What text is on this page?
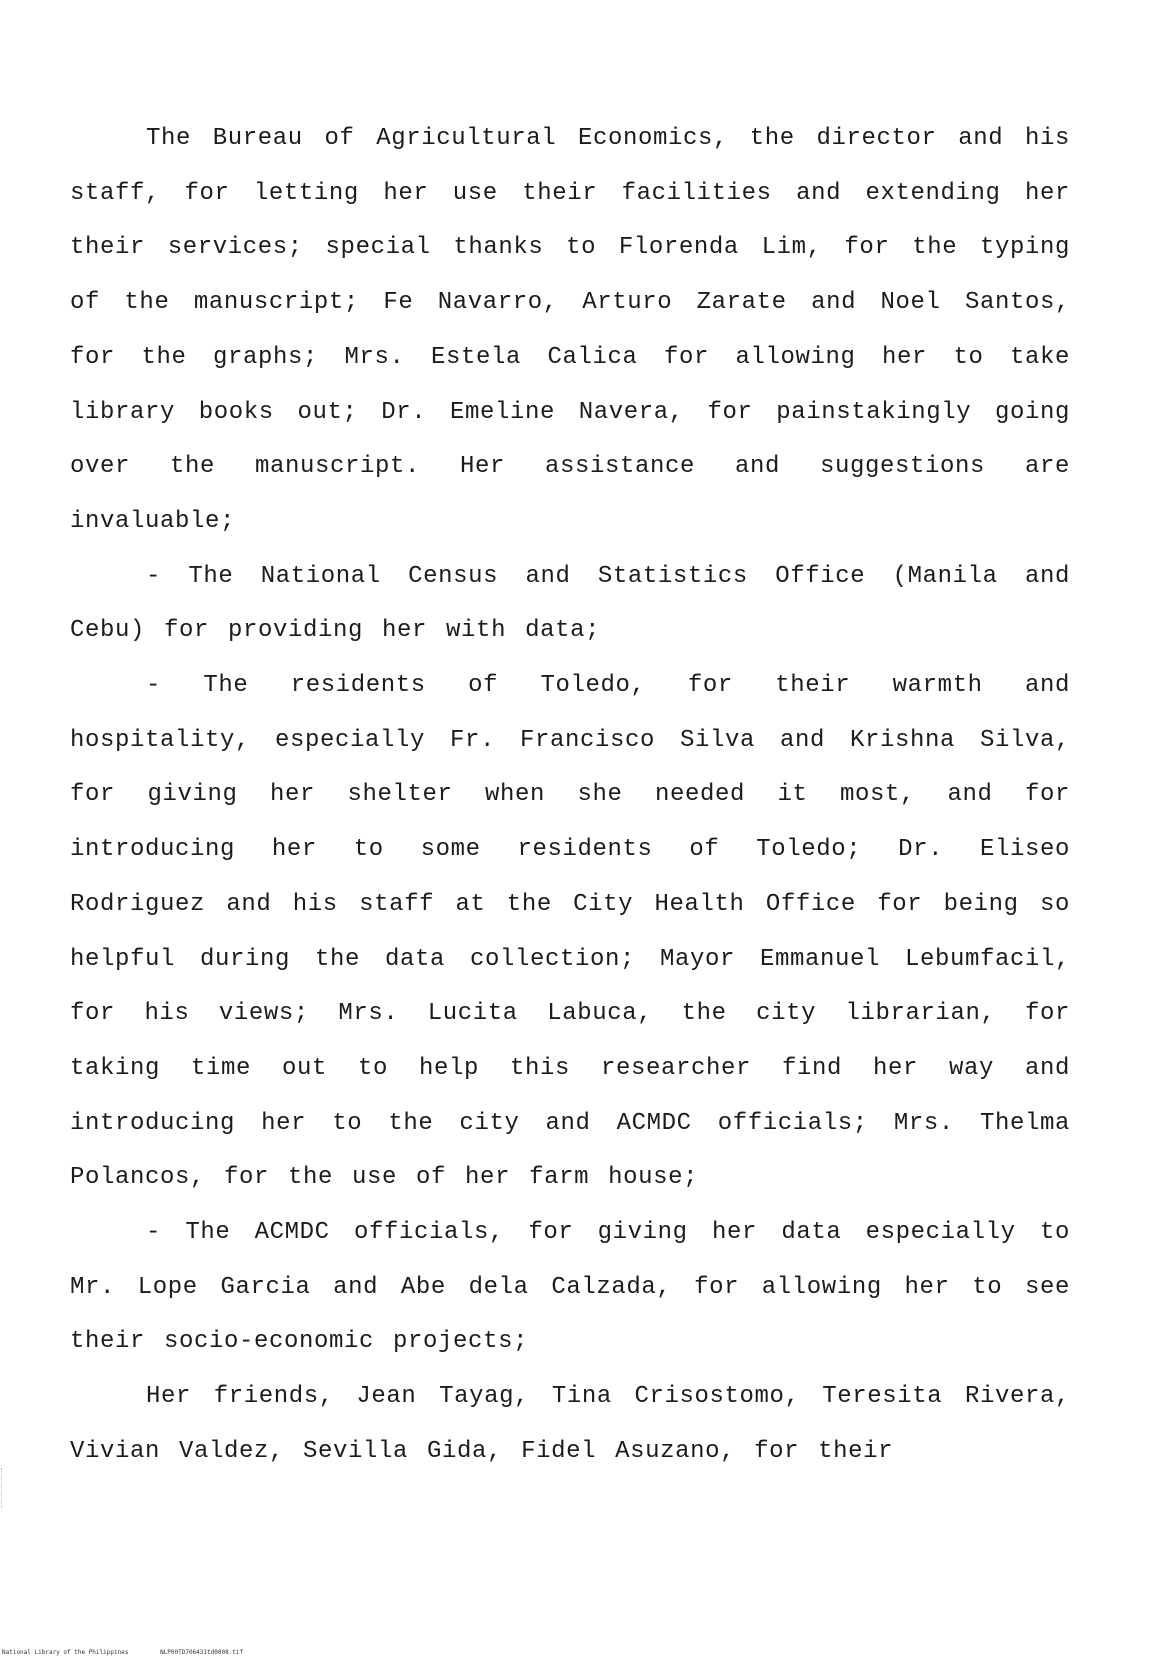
The Bureau of Agricultural Economics, the director and his staff, for letting her use their facilities and extending her their services; special thanks to Florenda Lim, for the typing of the manuscript; Fe Navarro, Arturo Zarate and Noel Santos, for the graphs; Mrs. Estela Calica for allowing her to take library books out; Dr. Emeline Navera, for painstakingly going over the manuscript. Her assistance and suggestions are invaluable;

- The National Census and Statistics Office (Manila and Cebu) for providing her with data;

- The residents of Toledo, for their warmth and hospitality, especially Fr. Francisco Silva and Krishna Silva, for giving her shelter when she needed it most, and for introducing her to some residents of Toledo; Dr. Eliseo Rodriguez and his staff at the City Health Office for being so helpful during the data collection; Mayor Emmanuel Lebumfacil, for his views; Mrs. Lucita Labuca, the city librarian, for taking time out to help this researcher find her way and introducing her to the city and ACMDC officials; Mrs. Thelma Polancos, for the use of her farm house;

- The ACMDC officials, for giving her data especially to Mr. Lope Garcia and Abe dela Calzada, for allowing her to see their socio-economic projects;

Her friends, Jean Tayag, Tina Crisostomo, Teresita Rivera, Vivian Valdez, Sevilla Gida, Fidel Asuzano, for their

National Library of the Philippines	NLP00TD706431td0008.tif
